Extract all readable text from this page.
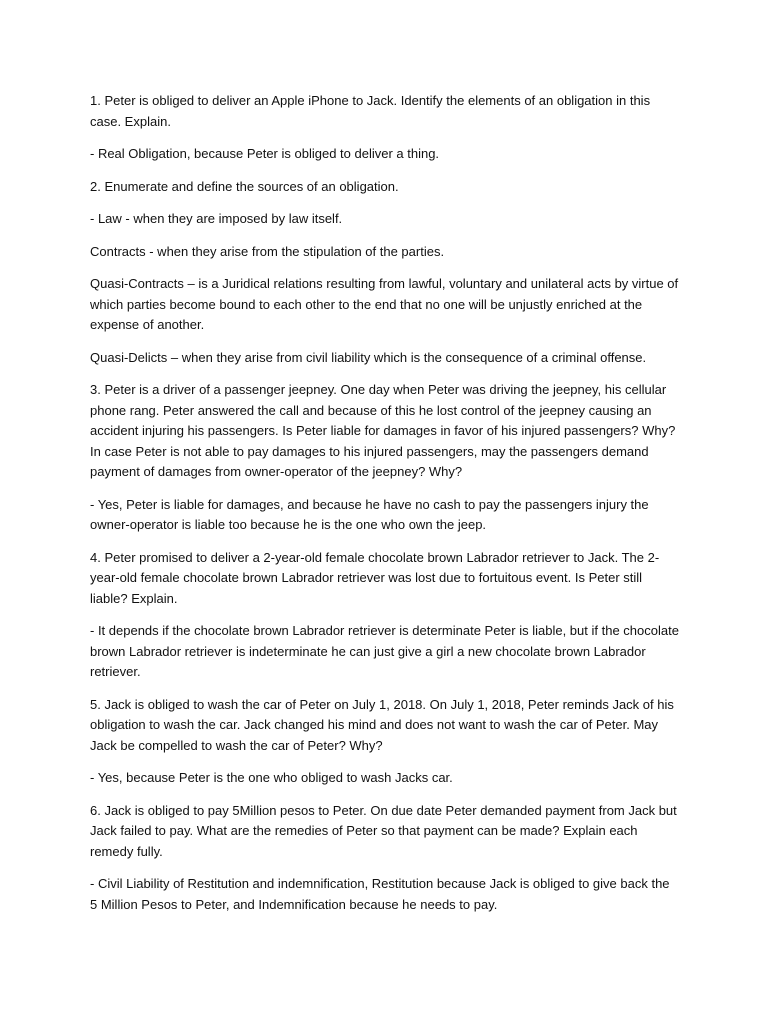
1. Peter is obliged to deliver an Apple iPhone to Jack. Identify the elements of an obligation in this case. Explain.

- Real Obligation, because Peter is obliged to deliver a thing.

2. Enumerate and define the sources of an obligation.

- Law - when they are imposed by law itself.

Contracts - when they arise from the stipulation of the parties.

Quasi-Contracts – is a Juridical relations resulting from lawful, voluntary and unilateral acts by virtue of which parties become bound to each other to the end that no one will be unjustly enriched at the expense of another.

Quasi-Delicts – when they arise from civil liability which is the consequence of a criminal offense.

3. Peter is a driver of a passenger jeepney. One day when Peter was driving the jeepney, his cellular phone rang. Peter answered the call and because of this he lost control of the jeepney causing an accident injuring his passengers. Is Peter liable for damages in favor of his injured passengers? Why? In case Peter is not able to pay damages to his injured passengers, may the passengers demand payment of damages from owner-operator of the jeepney? Why?

- Yes, Peter is liable for damages, and because he have no cash to pay the passengers injury the owner-operator is liable too because he is the one who own the jeep.

4. Peter promised to deliver a 2-year-old female chocolate brown Labrador retriever to Jack. The 2-year-old female chocolate brown Labrador retriever was lost due to fortuitous event. Is Peter still liable? Explain.

- It depends if the chocolate brown Labrador retriever is determinate Peter is liable, but if the chocolate brown Labrador retriever is indeterminate he can just give a girl a new chocolate brown Labrador retriever.

5. Jack is obliged to wash the car of Peter on July 1, 2018. On July 1, 2018, Peter reminds Jack of his obligation to wash the car. Jack changed his mind and does not want to wash the car of Peter. May Jack be compelled to wash the car of Peter? Why?

- Yes, because Peter is the one who obliged to wash Jacks car.

6. Jack is obliged to pay 5Million pesos to Peter. On due date Peter demanded payment from Jack but Jack failed to pay. What are the remedies of Peter so that payment can be made? Explain each remedy fully.

- Civil Liability of Restitution and indemnification, Restitution because Jack is obliged to give back the 5 Million Pesos to Peter, and Indemnification because he needs to pay.
